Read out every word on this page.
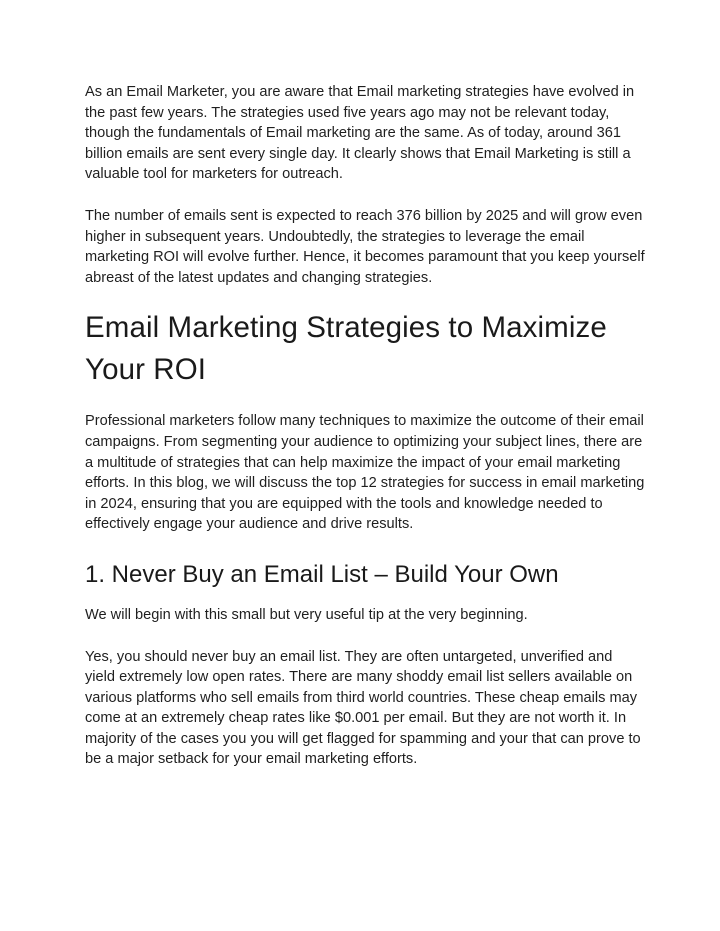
As an Email Marketer, you are aware that Email marketing strategies have evolved in the past few years. The strategies used five years ago may not be relevant today, though the fundamentals of Email marketing are the same. As of today, around 361 billion emails are sent every single day. It clearly shows that Email Marketing is still a valuable tool for marketers for outreach.

The number of emails sent is expected to reach 376 billion by 2025 and will grow even higher in subsequent years. Undoubtedly, the strategies to leverage the email marketing ROI will evolve further. Hence, it becomes paramount that you keep yourself abreast of the latest updates and changing strategies.

Email Marketing Strategies to Maximize Your ROI

Professional marketers follow many techniques to maximize the outcome of their email campaigns. From segmenting your audience to optimizing your subject lines, there are a multitude of strategies that can help maximize the impact of your email marketing efforts. In this blog, we will discuss the top 12 strategies for success in email marketing in 2024, ensuring that you are equipped with the tools and knowledge needed to effectively engage your audience and drive results.

1. Never Buy an Email List – Build Your Own

We will begin with this small but very useful tip at the very beginning.

Yes, you should never buy an email list. They are often untargeted, unverified and yield extremely low open rates. There are many shoddy email list sellers available on various platforms who sell emails from third world countries. These cheap emails may come at an extremely cheap rates like $0.001 per email. But they are not worth it. In majority of the cases you you will get flagged for spamming and your that can prove to be a major setback for your email marketing efforts.
